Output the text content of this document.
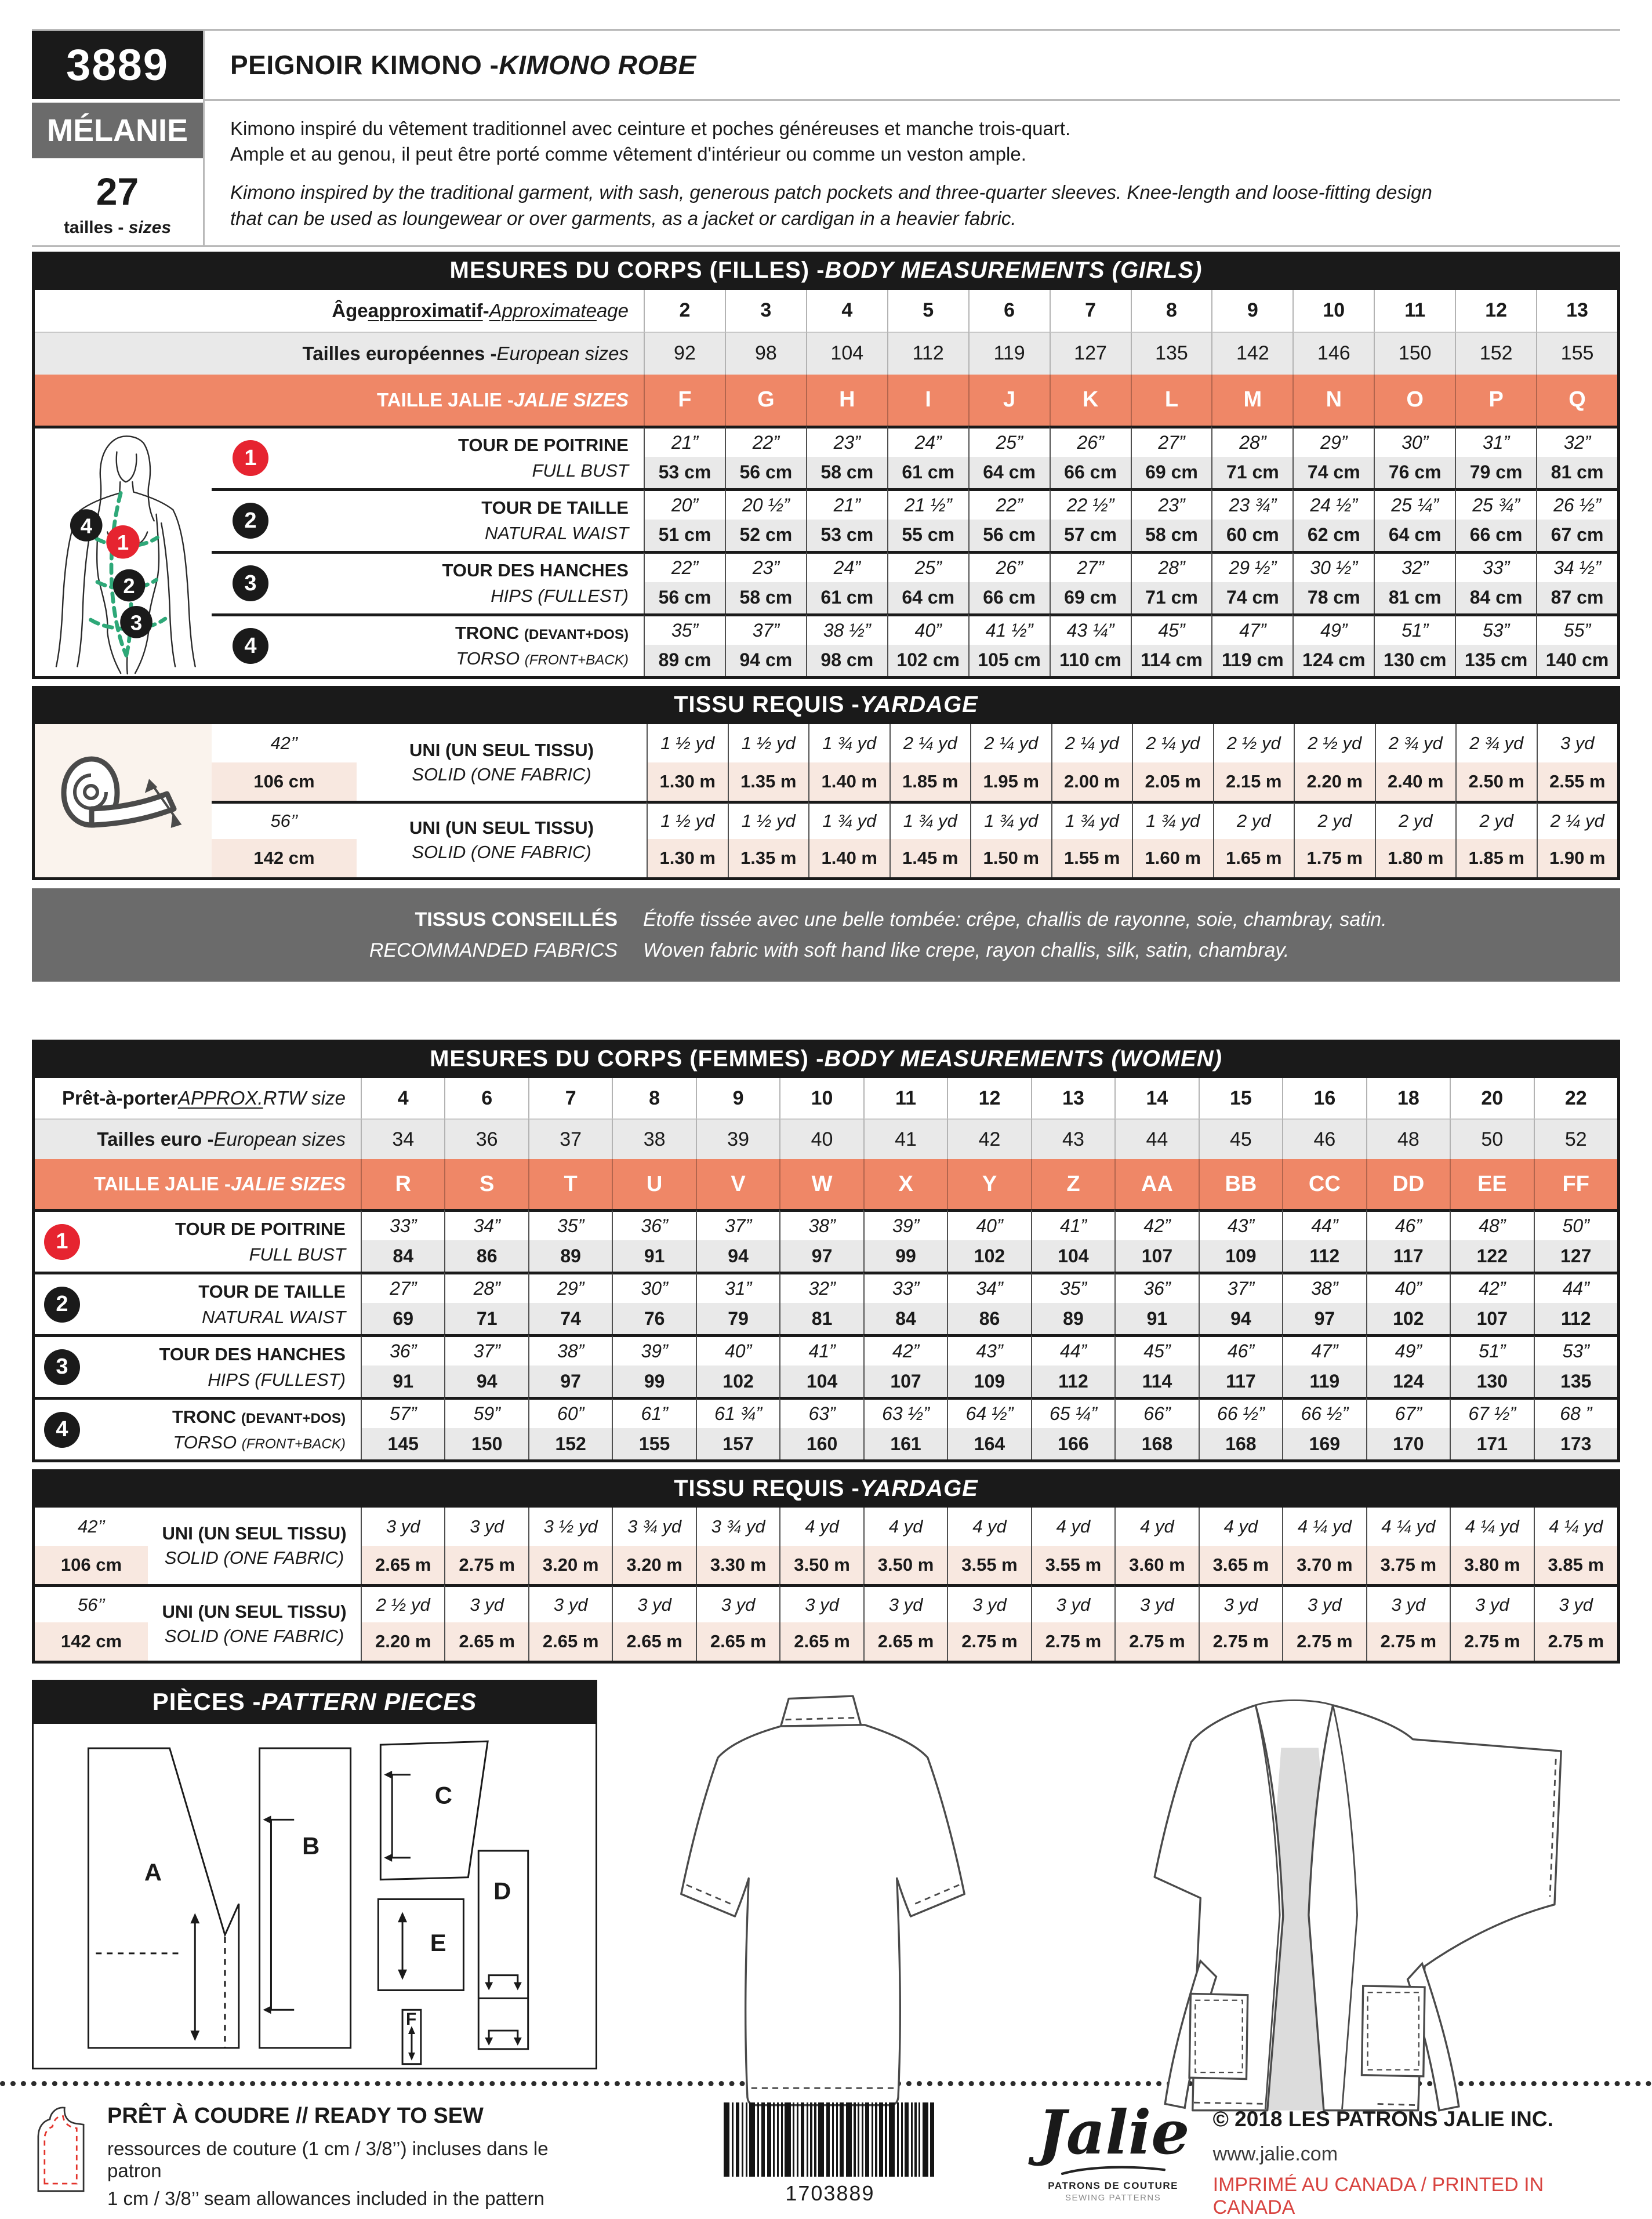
3889
MÉLANIE
27
tailles - sizes
PEIGNOIR KIMONO - KIMONO ROBE
Kimono inspiré du vêtement traditionnel avec ceinture et poches généreuses et manche trois-quart.
Ample et au genou, il peut être porté comme vêtement d'intérieur ou comme un veston ample.
Kimono inspired by the traditional garment, with sash, generous patch pockets and three-quarter sleeves. Knee-length and loose-fitting design
that can be used as loungewear or over garments, as a jacket or cardigan in a heavier fabric.
MESURES DU CORPS (FILLES) - BODY MEASUREMENTS (GIRLS)
Âge approximatif - Approximate age	2	3	4	5	6	7	8	9	10	11	12	13
Tailles européennes - European sizes	92	98	104	112	119	127	135	142	146	150	152	155
TAILLE JALIE - JALIE SIZES	F	G	H	I	J	K	L	M	N	O	P	Q
4
1
2
3
1
TOUR DE POITRINE
FULL BUST
21”	22”	23”	24”	25”	26”	27”	28”	29”	30”	31”	32”
53 cm	56 cm	58 cm	61 cm	64 cm	66 cm	69 cm	71 cm	74 cm	76 cm	79 cm	81 cm
2
TOUR DE TAILLE
NATURAL WAIST
20”	20 ½”	21”	21 ½”	22”	22 ½”	23”	23 ¾”	24 ½”	25 ¼”	25 ¾”	26 ½”
51 cm	52 cm	53 cm	55 cm	56 cm	57 cm	58 cm	60 cm	62 cm	64 cm	66 cm	67 cm
3
TOUR DES HANCHES
HIPS (FULLEST)
22”	23”	24”	25”	26”	27”	28”	29 ½”	30 ½”	32”	33”	34 ½”
56 cm	58 cm	61 cm	64 cm	66 cm	69 cm	71 cm	74 cm	78 cm	81 cm	84 cm	87 cm
4
TRONC (DEVANT+DOS)
TORSO (FRONT+BACK)
35”	37”	38 ½”	40”	41 ½”	43 ¼”	45”	47”	49”	51”	53”	55”
89 cm	94 cm	98 cm	102 cm 105 cm	110 cm	114 cm	119 cm	124 cm 130 cm 135 cm 140 cm
TISSU REQUIS - YARDAGE
42’’
106 cm
UNI (UN SEUL TISSU)
SOLID (ONE FABRIC)
1 ½ yd	1 ½ yd	1 ¾ yd	2 ¼ yd	2 ¼ yd	2 ¼ yd	2 ¼ yd	2 ½ yd	2 ½ yd	2 ¾ yd	2 ¾ yd	3 yd
1.30 m	1.35 m	1.40 m	1.85 m	1.95 m	2.00 m	2.05 m	2.15 m	2.20 m	2.40 m	2.50 m	2.55 m
56’’
142 cm
UNI (UN SEUL TISSU)
SOLID (ONE FABRIC)
1 ½ yd	1 ½ yd	1 ¾ yd	1 ¾ yd	1 ¾ yd	1 ¾ yd	1 ¾ yd	2 yd	2 yd	2 yd	2 yd	2 ¼ yd
1.30 m	1.35 m	1.40 m	1.45 m	1.50 m	1.55 m	1.60 m	1.65 m	1.75 m	1.80 m	1.85 m	1.90 m
TISSUS CONSEILLÉS
RECOMMANDED FABRICS
Étoffe tissée avec une belle tombée: crêpe, challis de rayonne, soie, chambray, satin.
Woven fabric with soft hand like crepe, rayon challis, silk, satin, chambray.
MESURES DU CORPS (FEMMES) - BODY MEASUREMENTS (WOMEN)
Prêt-à-porter APPROX. RTW size	4	6	7	8	9	10	11	12	13	14	15	16	18	20	22
Tailles euro - European sizes	34	36	37	38	39	40	41	42	43	44	45	46	48	50	52
TAILLE JALIE - JALIE SIZES	R	S	T	U	V	W	X	Y	Z	AA	BB	CC	DD	EE	FF
1
TOUR DE POITRINE
FULL BUST
33”	34”	35”	36”	37”	38”	39”	40”	41”	42”	43”	44”	46”	48”	50”
84	86	89	91	94	97	99	102	104	107	109	112	117	122	127
2
TOUR DE TAILLE
NATURAL WAIST
27”	28”	29”	30”	31”	32”	33”	34”	35”	36”	37”	38”	40”	42”	44”
69	71	74	76	79	81	84	86	89	91	94	97	102	107	112
3
TOUR DES HANCHES
HIPS (FULLEST)
36”	37”	38”	39”	40”	41”	42”	43”	44”	45”	46”	47”	49”	51”	53”
91	94	97	99	102	104	107	109	112	114	117	119	124	130	135
4
TRONC (DEVANT+DOS)
TORSO (FRONT+BACK)
57”	59”	60”	61”	61 ¾”	63”	63 ½”	64 ½”	65 ¼”	66”	66 ½”	66 ½”	67”	67 ½”	68 ”
145	150	152	155	157	160	161	164	166	168	168	169	170	171	173
TISSU REQUIS - YARDAGE
42’’
106 cm
UNI (UN SEUL TISSU)
SOLID (ONE FABRIC)
3 yd	3 yd	3 ½ yd	3 ¾ yd	3 ¾ yd	4 yd	4 yd	4 yd	4 yd	4 yd	4 yd	4 ¼ yd	4 ¼ yd	4 ¼ yd	4 ¼ yd
2.65 m	2.75 m	3.20 m	3.20 m	3.30 m	3.50 m	3.50 m	3.55 m	3.55 m	3.60 m	3.65 m	3.70 m	3.75 m	3.80 m	3.85 m
56’’
142 cm
UNI (UN SEUL TISSU)
SOLID (ONE FABRIC)
2 ½ yd	3 yd	3 yd	3 yd	3 yd	3 yd	3 yd	3 yd	3 yd	3 yd	3 yd	3 yd	3 yd	3 yd	3 yd
2.20 m	2.65 m	2.65 m	2.65 m	2.65 m	2.65 m	2.65 m	2.75 m	2.75 m	2.75 m	2.75 m	2.75 m	2.75 m	2.75 m	2.75 m
PIÈCES - PATTERN PIECES
A
B
C
D
E
F
PRÊT À COUDRE // READY TO SEW
ressources de couture (1 cm / 3/8’’) incluses dans le patron
1 cm / 3/8’’ seam allowances included in the pattern	1703889
Jalie
PATRONS DE COUTURE
SEWING PATTERNS
© 2018 LES PATRONS JALIE INC.
www.jalie.com
IMPRIMÉ AU CANADA / PRINTED IN CANADA
